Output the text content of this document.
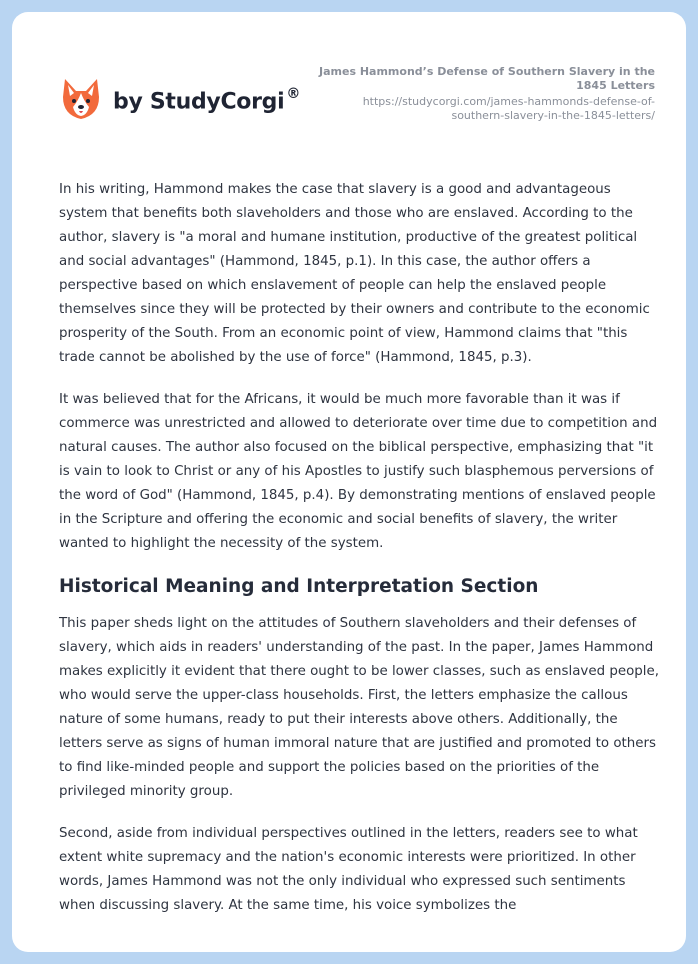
by StudyCorgi ®
James Hammond’s Defense of Southern Slavery in the 1845 Letters
https://studycorgi.com/james-hammonds-defense-of-southern-slavery-in-the-1845-letters/

In his writing, Hammond makes the case that slavery is a good and advantageous system that benefits both slaveholders and those who are enslaved. According to the author, slavery is "a moral and humane institution, productive of the greatest political and social advantages" (Hammond, 1845, p.1). In this case, the author offers a perspective based on which enslavement of people can help the enslaved people themselves since they will be protected by their owners and contribute to the economic prosperity of the South. From an economic point of view, Hammond claims that "this trade cannot be abolished by the use of force" (Hammond, 1845, p.3).

It was believed that for the Africans, it would be much more favorable than it was if commerce was unrestricted and allowed to deteriorate over time due to competition and natural causes. The author also focused on the biblical perspective, emphasizing that "it is vain to look to Christ or any of his Apostles to justify such blasphemous perversions of the word of God" (Hammond, 1845, p.4). By demonstrating mentions of enslaved people in the Scripture and offering the economic and social benefits of slavery, the writer wanted to highlight the necessity of the system.

Historical Meaning and Interpretation Section

This paper sheds light on the attitudes of Southern slaveholders and their defenses of slavery, which aids in readers' understanding of the past. In the paper, James Hammond makes explicitly it evident that there ought to be lower classes, such as enslaved people, who would serve the upper-class households. First, the letters emphasize the callous nature of some humans, ready to put their interests above others. Additionally, the letters serve as signs of human immoral nature that are justified and promoted to others to find like-minded people and support the policies based on the priorities of the privileged minority group.

Second, aside from individual perspectives outlined in the letters, readers see to what extent white supremacy and the nation's economic interests were prioritized. In other words, James Hammond was not the only individual who expressed such sentiments when discussing slavery. At the same time, his voice symbolizes the
